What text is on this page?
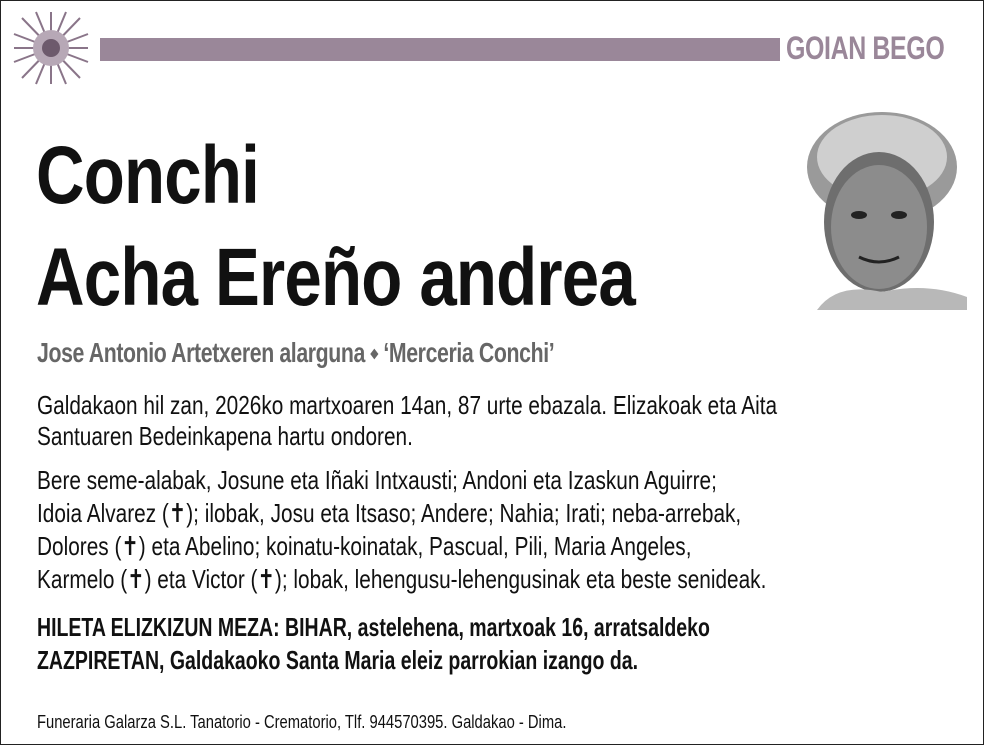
GOIAN BEGO
Conchi
Acha Ereño andrea
Jose Antonio Artetxeren alarguna ⬩ ‘Merceria Conchi’
Galdakaon hil zan, 2026ko martxoaren 14an, 87 urte ebazala. Elizakoak eta Aita
Santuaren Bedeinkapena hartu ondoren.
Bere seme-alabak, Josune eta Iñaki Intxausti; Andoni eta Izaskun Aguirre;
Idoia Alvarez (✝); ilobak, Josu eta Itsaso; Andere; Nahia; Irati; neba-arrebak,
Dolores (✝) eta Abelino; koinatu-koinatak, Pascual, Pili, Maria Angeles,
Karmelo (✝) eta Victor (✝); lobak, lehengusu-lehengusinak eta beste senideak.
HILETA ELIZKIZUN MEZA: BIHAR, astelehena, martxoak 16, arratsaldeko
ZAZPIRETAN, Galdakaoko Santa Maria eleiz parrokian izango da.
Funeraria Galarza S.L. Tanatorio - Crematorio, Tlf. 944570395. Galdakao - Dima.
